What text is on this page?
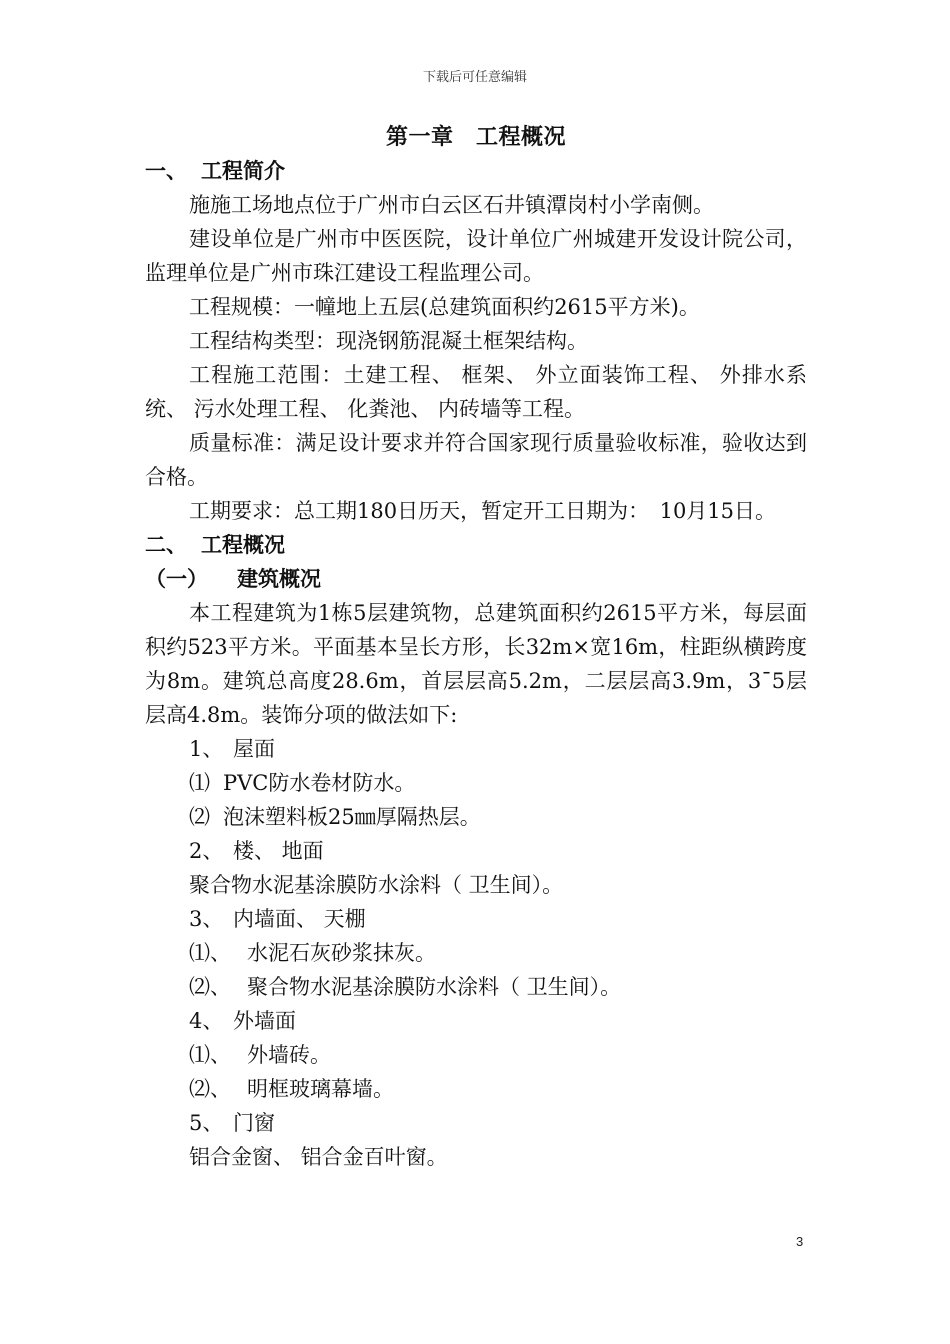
下载后可任意编辑
第一章　工程概况
一、 工程简介

施施工场地点位于广州市白云区石井镇潭岗村小学南侧。

建设单位是广州市中医医院，设计单位广州城建开发设计院公司，监理单位是广州市珠江建设工程监理公司。

工程规模：一幢地上五层(总建筑面积约2615平方米)。

工程结构类型：现浇钢筋混凝土框架结构。

工程施工范围：土建工程、 框架、 外立面装饰工程、 外排水系统、 污水处理工程、 化粪池、 内砖墙等工程。

质量标准：满足设计要求并符合国家现行质量验收标准，验收达到合格。

工期要求：总工期180日历天，暂定开工日期为：　10月15日。

二、 工程概况
（一） 建筑概况

本工程建筑为1栋5层建筑物，总建筑面积约2615平方米，每层面积约523平方米。平面基本呈长方形，长32m×宽16m，柱距纵横跨度为8m。建筑总高度28.6m，首层层高5.2m，二层层高3.9m，3¯5层层高4.8m。装饰分项的做法如下:

1、 屋面

⑴ PVC防水卷材防水。

⑵ 泡沫塑料板25㎜厚隔热层。

2、 楼、 地面

聚合物水泥基涂膜防水涂料（ 卫生间）。

3、 内墙面、 天棚

⑴、 水泥石灰砂浆抹灰。

⑵、 聚合物水泥基涂膜防水涂料（ 卫生间）。

4、 外墙面

⑴、 外墙砖。

⑵、 明框玻璃幕墙。

5、 门窗

铝合金窗、 铝合金百叶窗。

3
